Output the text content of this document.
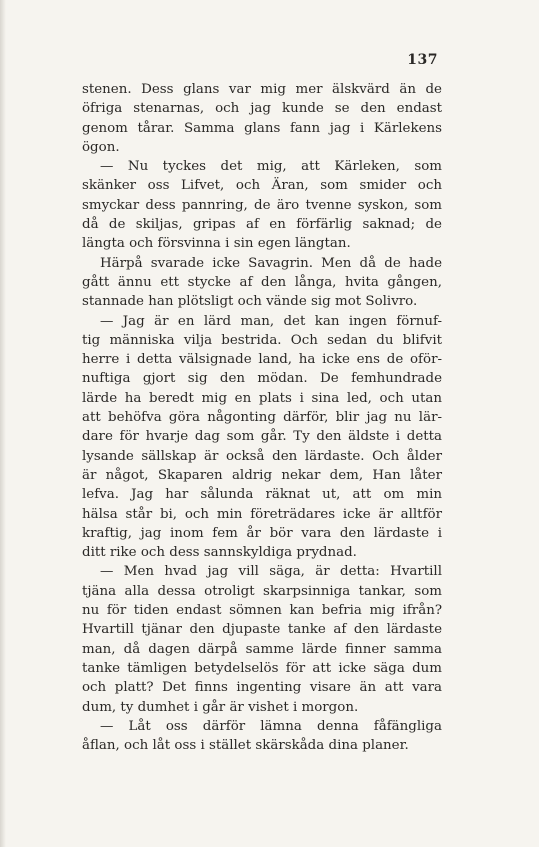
137
stenen. Dess glans var mig mer älskvärd än de
öfriga stenarnas, och jag kunde se den endast
genom tårar. Samma glans fann jag i Kärlekens
ögon.
— Nu tyckes det mig, att Kärleken, som
skänker oss Lifvet, och Äran, som smider och
smyckar dess pannring, de äro tvenne syskon, som
då de skiljas, gripas af en förfärlig saknad; de
längta och försvinna i sin egen längtan.
Härpå svarade icke Savagrin. Men då de hade
gått ännu ett stycke af den långa, hvita gången,
stannade han plötsligt och vände sig mot Solivro.
— Jag är en lärd man, det kan ingen förnuf-
tig människa vilja bestrida. Och sedan du blifvit
herre i detta välsignade land, ha icke ens de oför-
nuftiga gjort sig den mödan. De femhundrade
lärde ha beredt mig en plats i sina led, och utan
att behöfva göra någonting därför, blir jag nu lär-
dare för hvarje dag som går. Ty den äldste i detta
lysande sällskap är också den lärdaste. Och ålder
är något, Skaparen aldrig nekar dem, Han låter
lefva. Jag har sålunda räknat ut, att om min
hälsa står bi, och min företrädares icke är alltför
kraftig, jag inom fem år bör vara den lärdaste i
ditt rike och dess sannskyldiga prydnad.
— Men hvad jag vill säga, är detta: Hvartill
tjäna alla dessa otroligt skarpsinniga tankar, som
nu för tiden endast sömnen kan befria mig ifrån?
Hvartill tjänar den djupaste tanke af den lärdaste
man, då dagen därpå samme lärde finner samma
tanke tämligen betydelselös för att icke säga dum
och platt? Det finns ingenting visare än att vara
dum, ty dumhet i går är vishet i morgon.
— Låt oss därför lämna denna fåfängliga
åflan, och låt oss i stället skärskåda dina planer.
